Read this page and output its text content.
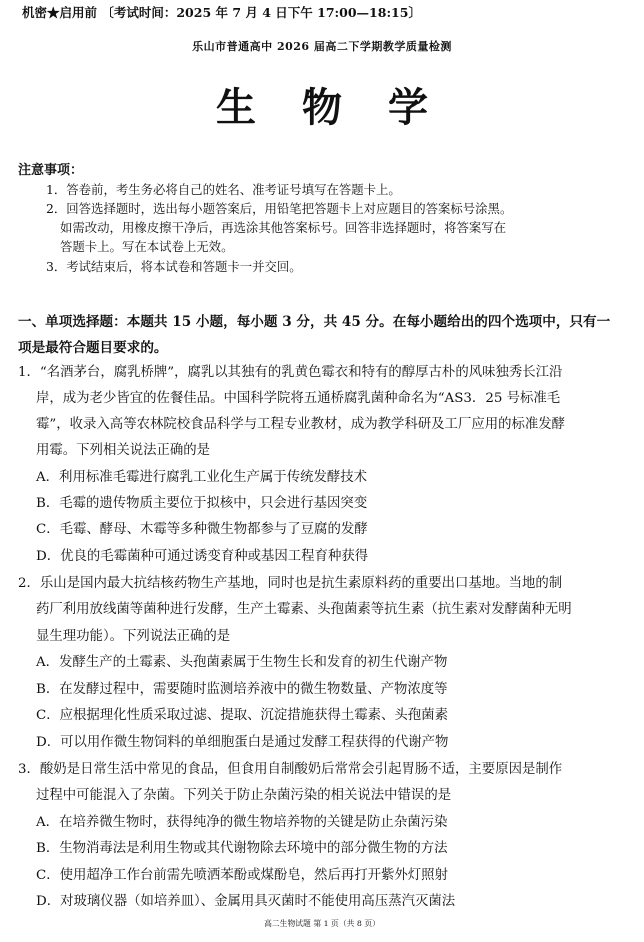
机密★启用前 〔考试时间：2025 年 7 月 4 日下午 17:00—18:15〕
乐山市普通高中 2026 届高二下学期教学质量检测
生物学
注意事项：
1．答卷前，考生务必将自己的姓名、准考证号填写在答题卡上。
2．回答选择题时，选出每小题答案后，用铅笔把答题卡上对应题目的答案标号涂黑。
如需改动，用橡皮擦干净后，再选涂其他答案标号。回答非选择题时，将答案写在
答题卡上。写在本试卷上无效。
3．考试结束后，将本试卷和答题卡一并交回。
一、单项选择题：本题共 15 小题，每小题 3 分，共 45 分。在每小题给出的四个选项中，只有一
项是最符合题目要求的。
1．“名酒茅台，腐乳桥牌”，腐乳以其独有的乳黄色霉衣和特有的醇厚古朴的风味独秀长江沿
岸，成为老少皆宜的佐餐佳品。中国科学院将五通桥腐乳菌种命名为“AS3．25 号标准毛
霉”，收录入高等农林院校食品科学与工程专业教材，成为教学科研及工厂应用的标准发酵
用霉。下列相关说法正确的是
A．利用标准毛霉进行腐乳工业化生产属于传统发酵技术
B．毛霉的遗传物质主要位于拟核中，只会进行基因突变
C．毛霉、酵母、木霉等多种微生物都参与了豆腐的发酵
D．优良的毛霉菌种可通过诱变育种或基因工程育种获得
2．乐山是国内最大抗结核药物生产基地，同时也是抗生素原料药的重要出口基地。当地的制
药厂利用放线菌等菌种进行发酵，生产土霉素、头孢菌素等抗生素（抗生素对发酵菌种无明
显生理功能）。下列说法正确的是
A．发酵生产的土霉素、头孢菌素属于生物生长和发育的初生代谢产物
B．在发酵过程中，需要随时监测培养液中的微生物数量、产物浓度等
C．应根据理化性质采取过滤、提取、沉淀措施获得土霉素、头孢菌素
D．可以用作微生物饲料的单细胞蛋白是通过发酵工程获得的代谢产物
3．酸奶是日常生活中常见的食品，但食用自制酸奶后常常会引起胃肠不适，主要原因是制作
过程中可能混入了杂菌。下列关于防止杂菌污染的相关说法中错误的是
A．在培养微生物时，获得纯净的微生物培养物的关键是防止杂菌污染
B．生物消毒法是利用生物或其代谢物除去环境中的部分微生物的方法
C．使用超净工作台前需先喷洒苯酚或煤酚皂，然后再打开紫外灯照射
D．对玻璃仪器（如培养皿）、金属用具灭菌时不能使用高压蒸汽灭菌法
高二生物试题 第 1 页（共 8 页）
